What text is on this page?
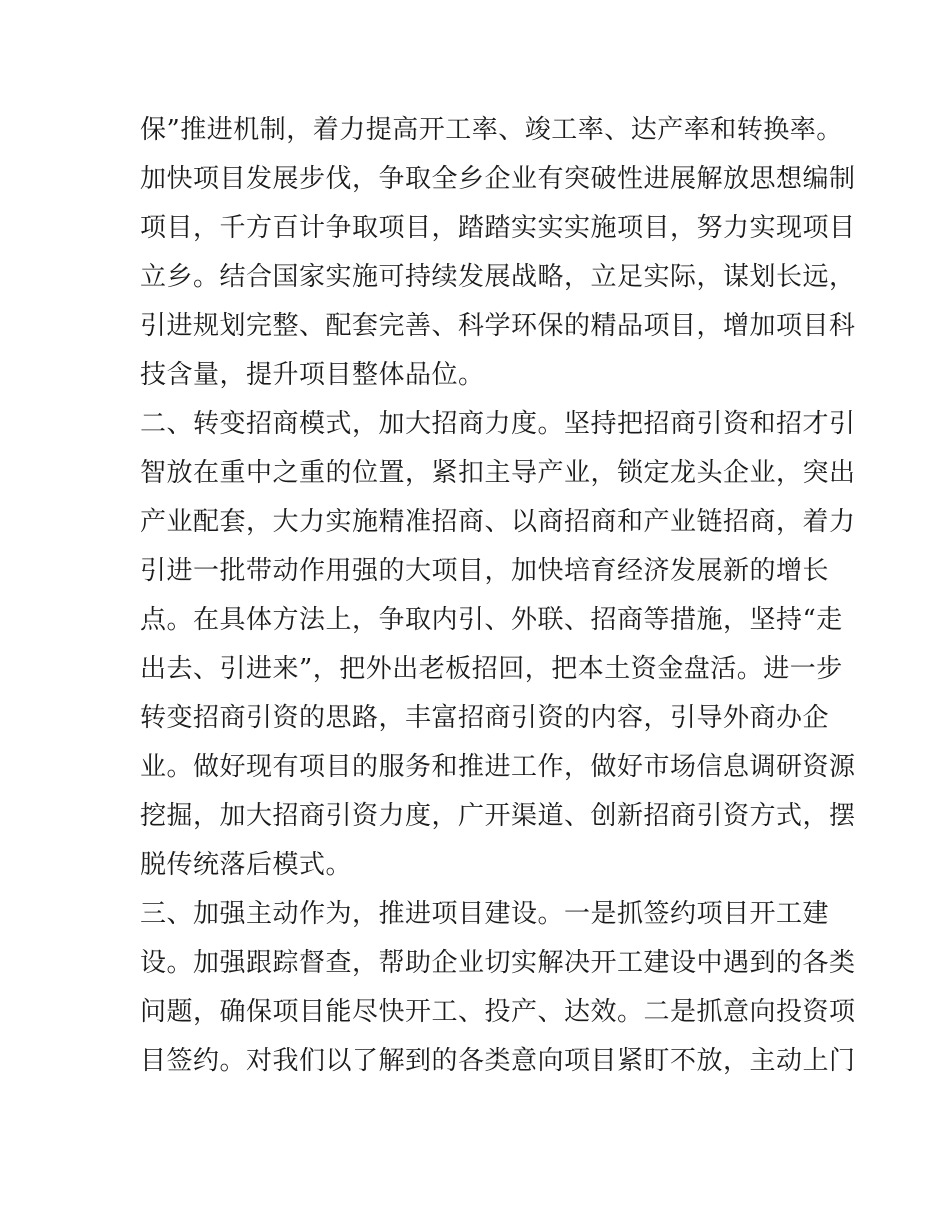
保”推进机制，着力提高开工率、竣工率、达产率和转换率。
加快项目发展步伐，争取全乡企业有突破性进展解放思想编制
项目，千方百计争取项目，踏踏实实实施项目，努力实现项目
立乡。结合国家实施可持续发展战略，立足实际，谋划长远，
引进规划完整、配套完善、科学环保的精品项目，增加项目科
技含量，提升项目整体品位。
二、转变招商模式，加大招商力度。坚持把招商引资和招才引
智放在重中之重的位置，紧扣主导产业，锁定龙头企业，突出
产业配套，大力实施精准招商、以商招商和产业链招商，着力
引进一批带动作用强的大项目，加快培育经济发展新的增长
点。在具体方法上，争取内引、外联、招商等措施，坚持“走
出去、引进来”，把外出老板招回，把本土资金盘活。进一步
转变招商引资的思路，丰富招商引资的内容，引导外商办企
业。做好现有项目的服务和推进工作，做好市场信息调研资源
挖掘，加大招商引资力度，广开渠道、创新招商引资方式，摆
脱传统落后模式。
三、加强主动作为，推进项目建设。一是抓签约项目开工建
设。加强跟踪督查，帮助企业切实解决开工建设中遇到的各类
问题，确保项目能尽快开工、投产、达效。二是抓意向投资项
目签约。对我们以了解到的各类意向项目紧盯不放，主动上门
